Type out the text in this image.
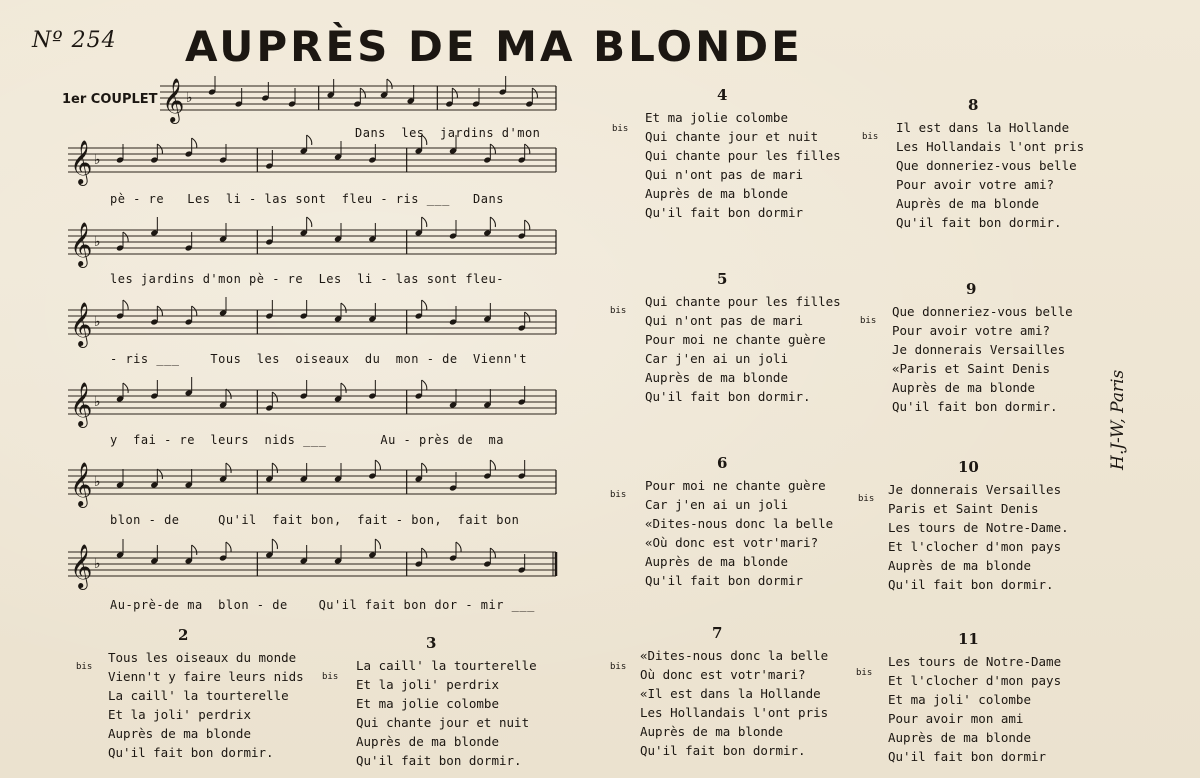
Nº 254 AUPRÈS DE MA BLONDE
1er COUPLET 𝄞 ♭
𝄞 ♭
𝄞 ♭
𝄞 ♭
𝄞 ♭
𝄞 ♭
𝄞 ♭
Dans  les  jardins d'mon
pè - re   Les  li - las sont  fleu - ris ___   Dans
les jardins d'mon pè - re  Les  li - las sont fleu-
- ris ___    Tous  les  oiseaux  du  mon - de  Vienn't
y  fai - re  leurs  nids ___       Au - près de  ma
blon - de     Qu'il  fait bon,  fait - bon,  fait bon
Au-prè-de ma  blon - de    Qu'il fait bon dor - mir ___
bis
2
Tous les oiseaux du monde
Vienn't y faire leurs nids
La caill' la tourterelle
Et la joli' perdrix
Auprès de ma blonde
Qu'il fait bon dormir.
bis
3
La caill' la tourterelle
Et la joli' perdrix
Et ma jolie colombe
Qui chante jour et nuit
Auprès de ma blonde
Qu'il fait bon dormir.
bis
4
Et ma jolie colombe
Qui chante jour et nuit
Qui chante pour les filles
Qui n'ont pas de mari
Auprès de ma blonde
Qu'il fait bon dormir
bis
5
Qui chante pour les filles
Qui n'ont pas de mari
Pour moi ne chante guère
Car j'en ai un joli
Auprès de ma blonde
Qu'il fait bon dormir.
bis
6
Pour moi ne chante guère
Car j'en ai un joli
«Dites-nous donc la belle
«Où donc est votr'mari?
Auprès de ma blonde
Qu'il fait bon dormir
bis
7
«Dites-nous donc la belle
Où donc est votr'mari?
«Il est dans la Hollande
Les Hollandais l'ont pris
Auprès de ma blonde
Qu'il fait bon dormir.
bis
8
Il est dans la Hollande
Les Hollandais l'ont pris
Que donneriez-vous belle
Pour avoir votre ami?
Auprès de ma blonde
Qu'il fait bon dormir.
bis
9
Que donneriez-vous belle
Pour avoir votre ami?
Je donnerais Versailles
«Paris et Saint Denis
Auprès de ma blonde
Qu'il fait bon dormir.
bis
10
Je donnerais Versailles
Paris et Saint Denis
Les tours de Notre-Dame.
Et l'clocher d'mon pays
Auprès de ma blonde
Qu'il fait bon dormir.
bis
11
Les tours de Notre-Dame
Et l'clocher d'mon pays
Et ma joli' colombe
Pour avoir mon ami
Auprès de ma blonde
Qu'il fait bon dormir
H.J-W, Paris
